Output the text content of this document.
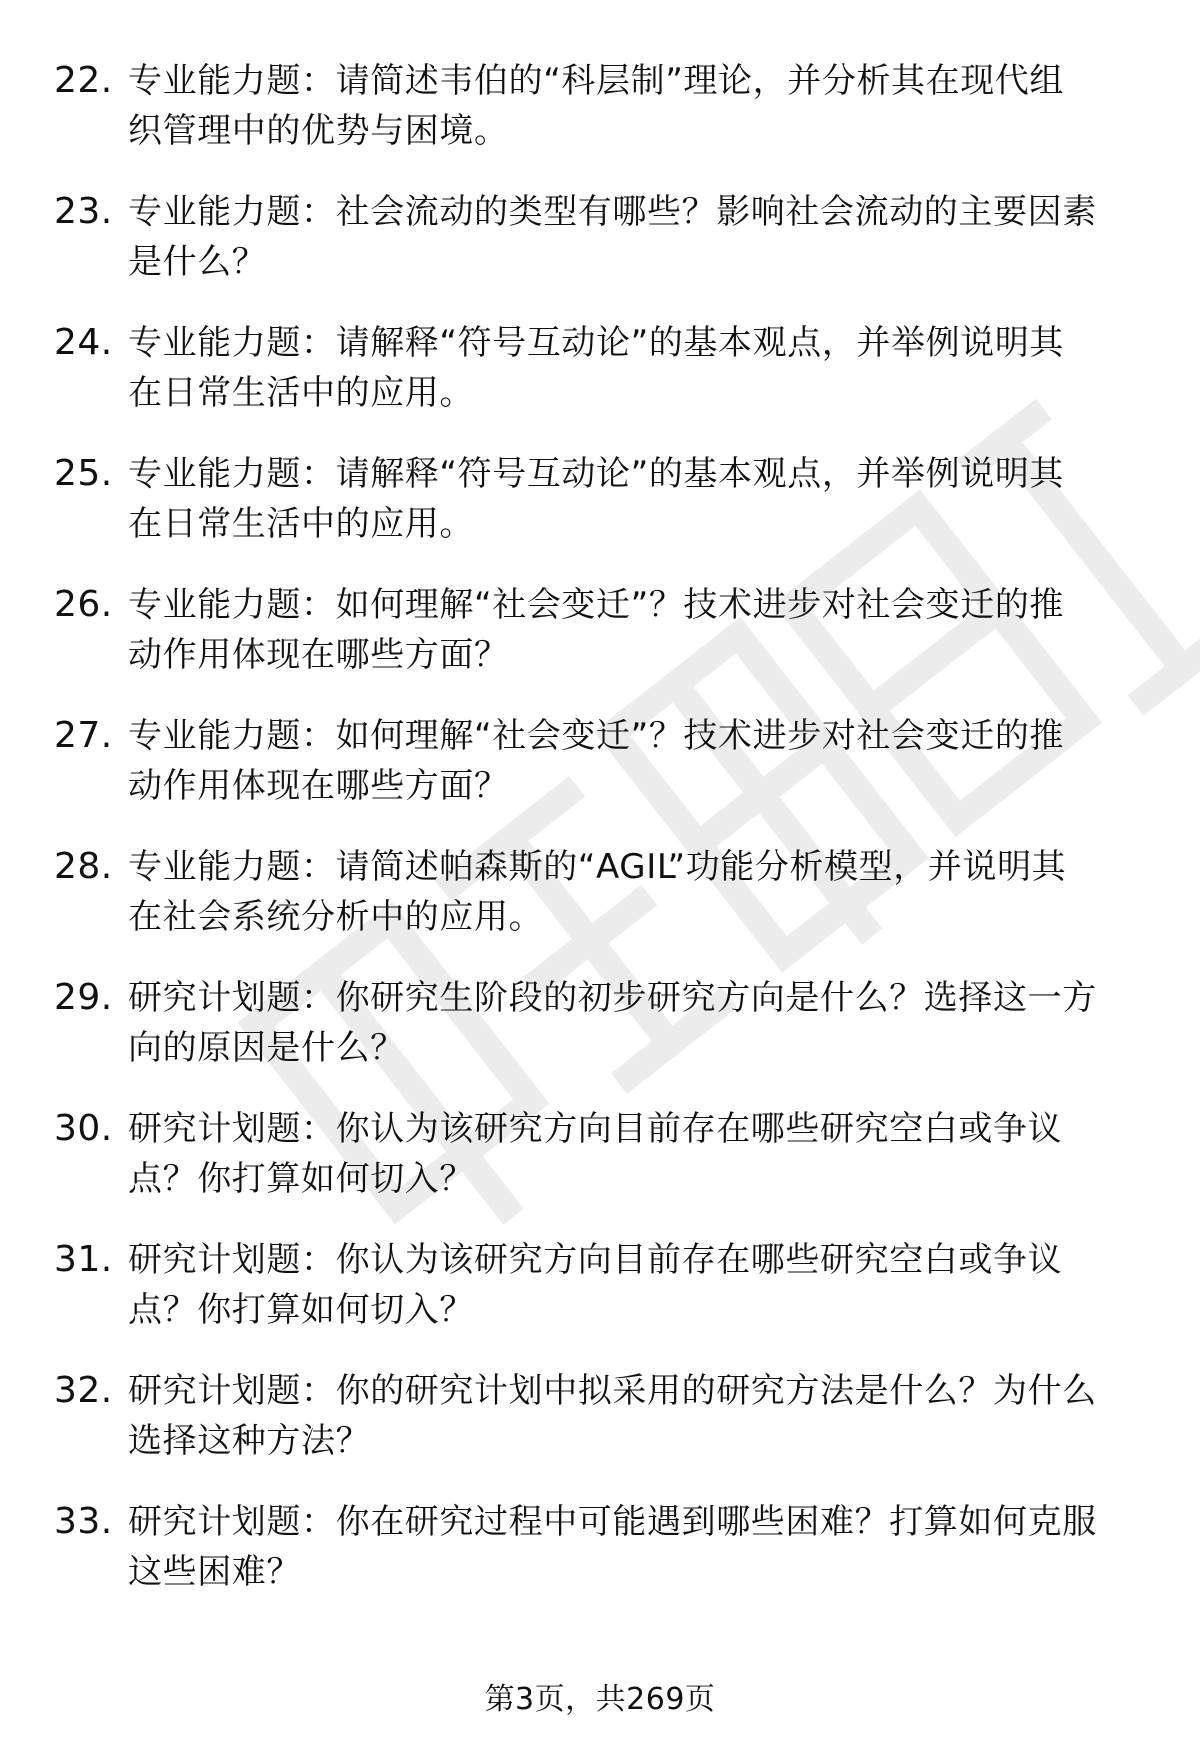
22. 专业能力题：请简述韦伯的“科层制”理论，并分析其在现代组
织管理中的优势与困境。
23. 专业能力题：社会流动的类型有哪些？影响社会流动的主要因素
是什么？
24. 专业能力题：请解释“符号互动论”的基本观点，并举例说明其
在日常生活中的应用。
25. 专业能力题：请解释“符号互动论”的基本观点，并举例说明其
在日常生活中的应用。
26. 专业能力题：如何理解“社会变迁”？技术进步对社会变迁的推
动作用体现在哪些方面？
27. 专业能力题：如何理解“社会变迁”？技术进步对社会变迁的推
动作用体现在哪些方面？
28. 专业能力题：请简述帕森斯的“AGIL”功能分析模型，并说明其
在社会系统分析中的应用。
29. 研究计划题：你研究生阶段的初步研究方向是什么？选择这一方
向的原因是什么？
30. 研究计划题：你认为该研究方向目前存在哪些研究空白或争议
点？你打算如何切入？
31. 研究计划题：你认为该研究方向目前存在哪些研究空白或争议
点？你打算如何切入？
32. 研究计划题：你的研究计划中拟采用的研究方法是什么？为什么
选择这种方法？
33. 研究计划题：你在研究过程中可能遇到哪些困难？打算如何克服
这些困难？
第3页，共269页
